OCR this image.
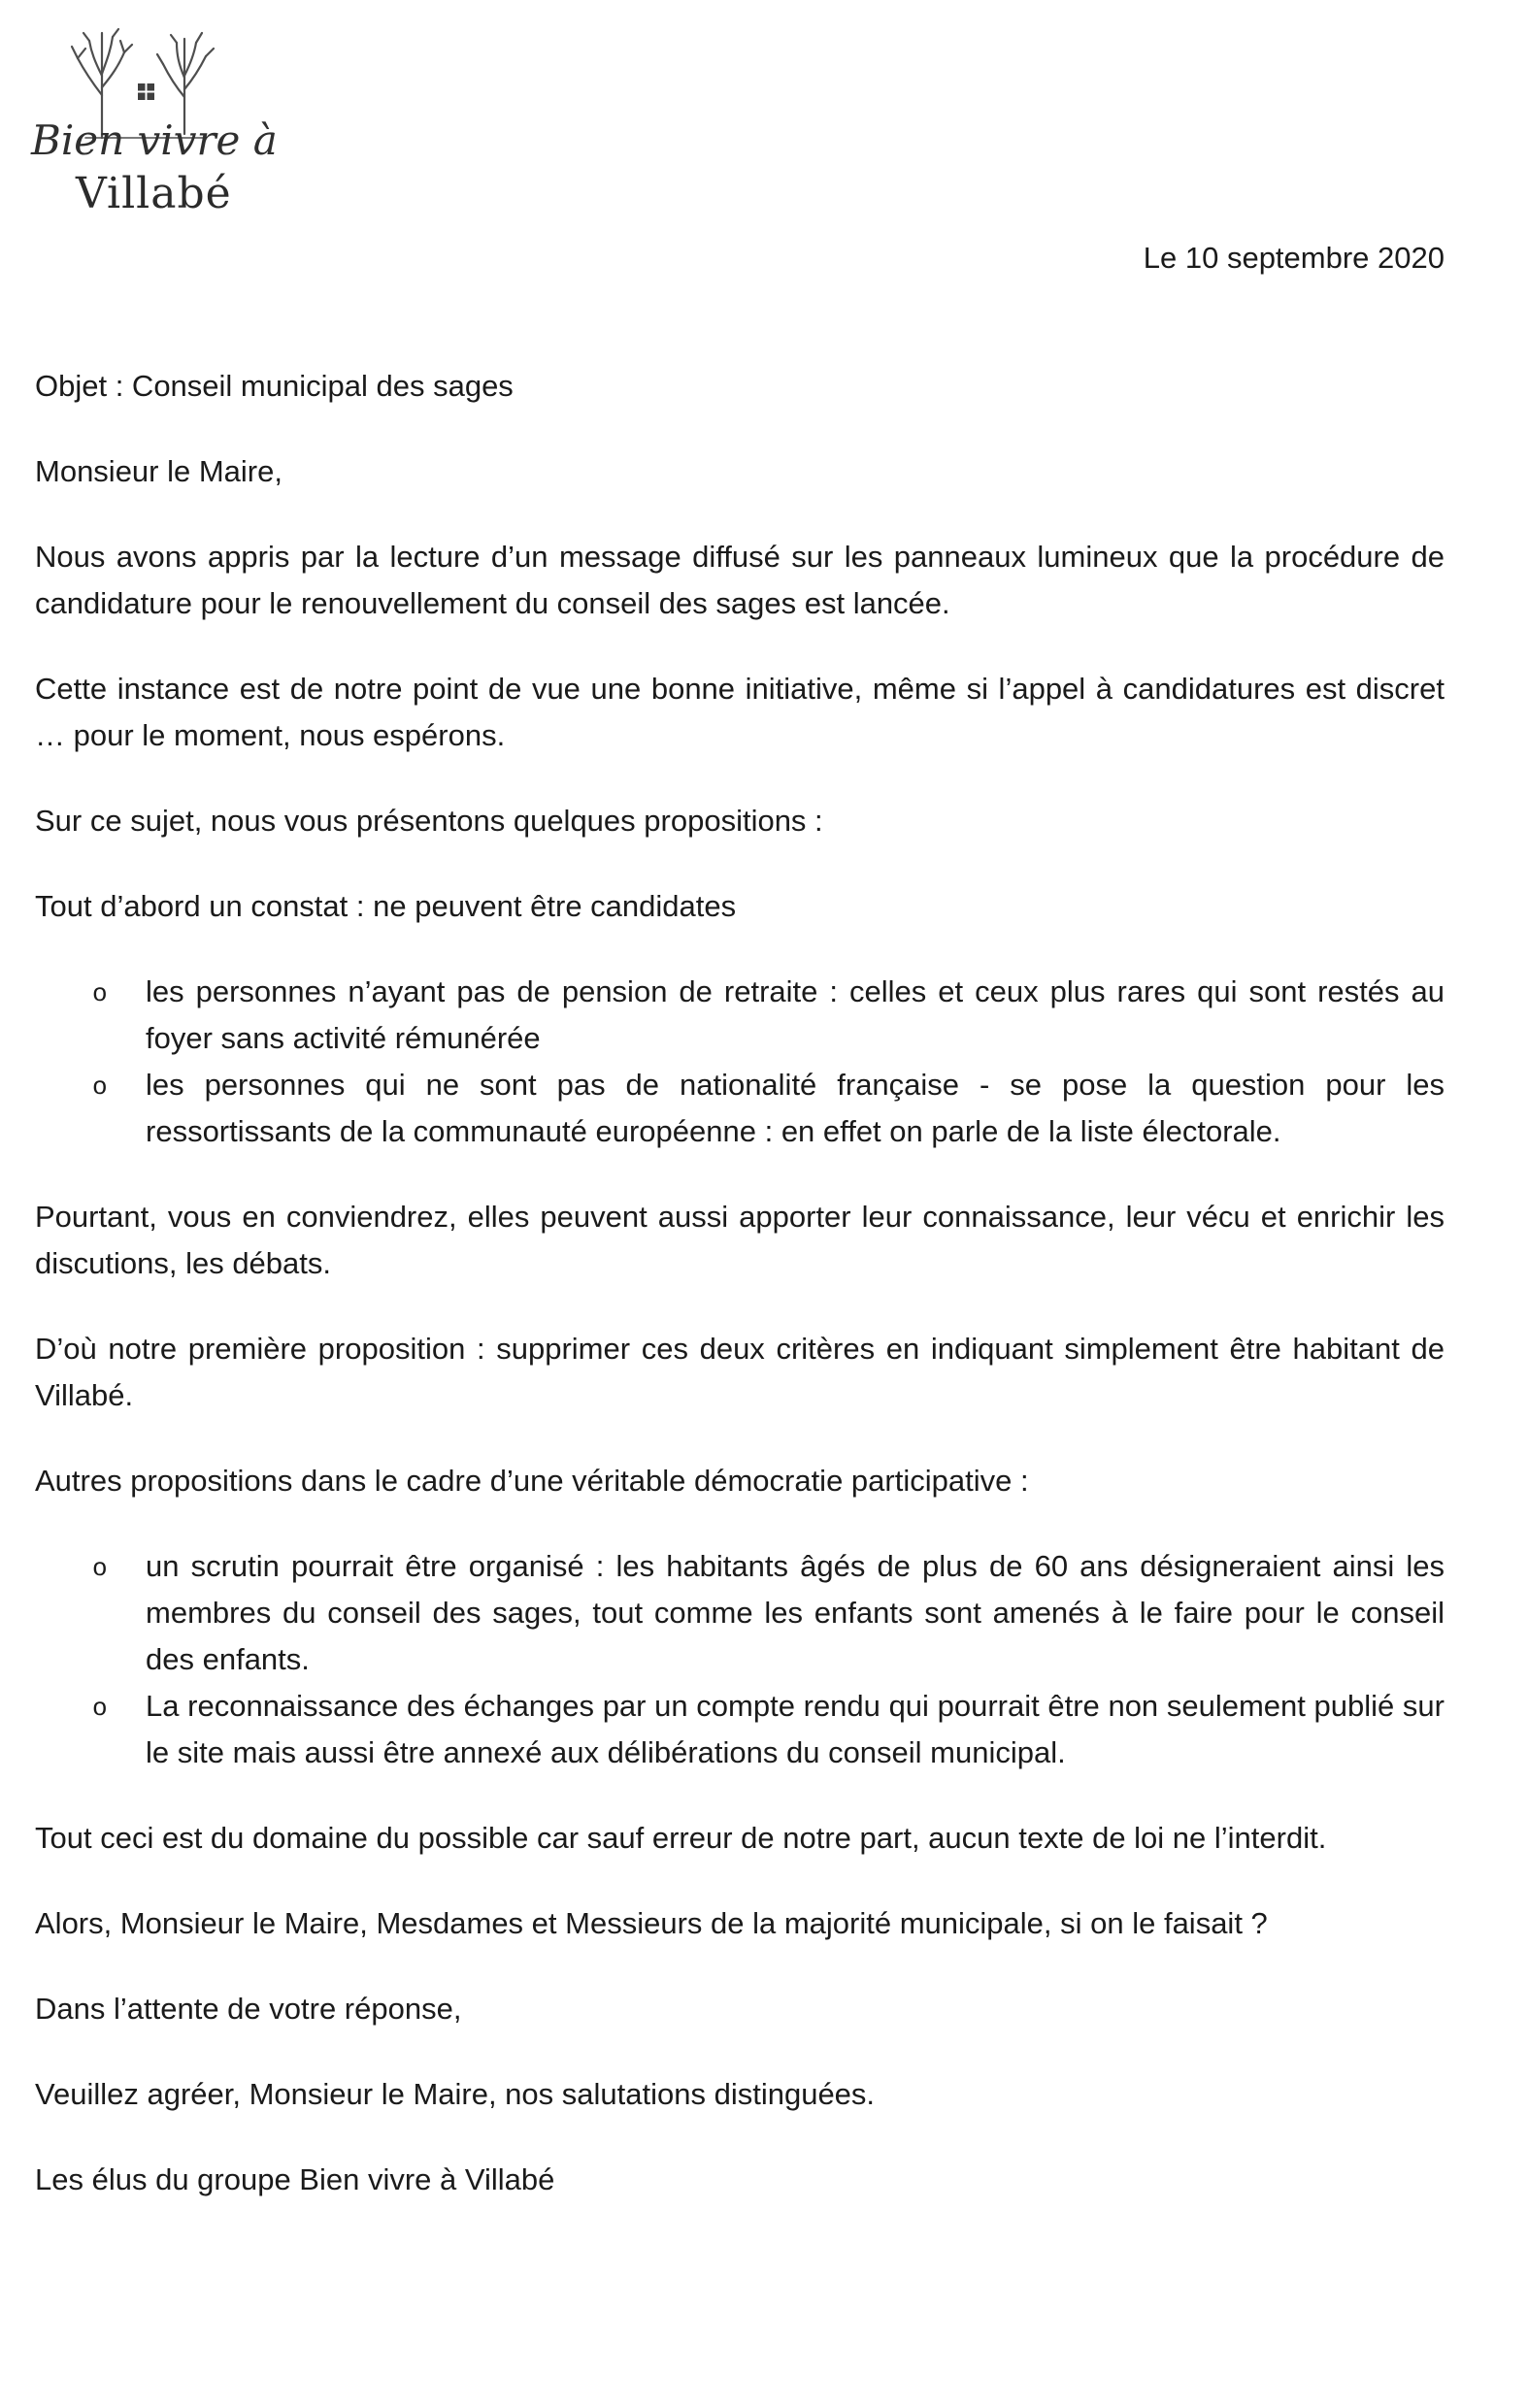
Bien vivre à
Villabé
Le 10 septembre 2020

Objet : Conseil municipal des sages

Monsieur le Maire,

Nous avons appris par la lecture d’un message diffusé sur les panneaux lumineux que la procédure de candidature pour le renouvellement du conseil des sages est lancée.

Cette instance est de notre point de vue une bonne initiative, même si l’appel à candidatures est discret … pour le moment, nous espérons.

Sur ce sujet, nous vous présentons quelques propositions :

Tout d’abord un constat : ne peuvent être candidates

o les personnes n’ayant pas de pension de retraite : celles et ceux plus rares qui sont restés au foyer sans activité rémunérée
o les personnes qui ne sont pas de nationalité française - se pose la question pour les ressortissants de la communauté européenne : en effet on parle de la liste électorale.

Pourtant, vous en conviendrez, elles peuvent aussi apporter leur connaissance, leur vécu et enrichir les discutions, les débats.

D’où notre première proposition : supprimer ces deux critères en indiquant simplement être habitant de Villabé.

Autres propositions dans le cadre d’une véritable démocratie participative :

o un scrutin pourrait être organisé : les habitants âgés de plus de 60 ans désigneraient ainsi les membres du conseil des sages, tout comme les enfants sont amenés à le faire pour le conseil des enfants.
o La reconnaissance des échanges par un compte rendu qui pourrait être non seulement publié sur le site mais aussi être annexé aux délibérations du conseil municipal.

Tout ceci est du domaine du possible car sauf erreur de notre part, aucun texte de loi ne l’interdit.

Alors, Monsieur le Maire, Mesdames et Messieurs de la majorité municipale, si on le faisait ?

Dans l’attente de votre réponse,

Veuillez agréer, Monsieur le Maire, nos salutations distinguées.

Les élus du groupe Bien vivre à Villabé
